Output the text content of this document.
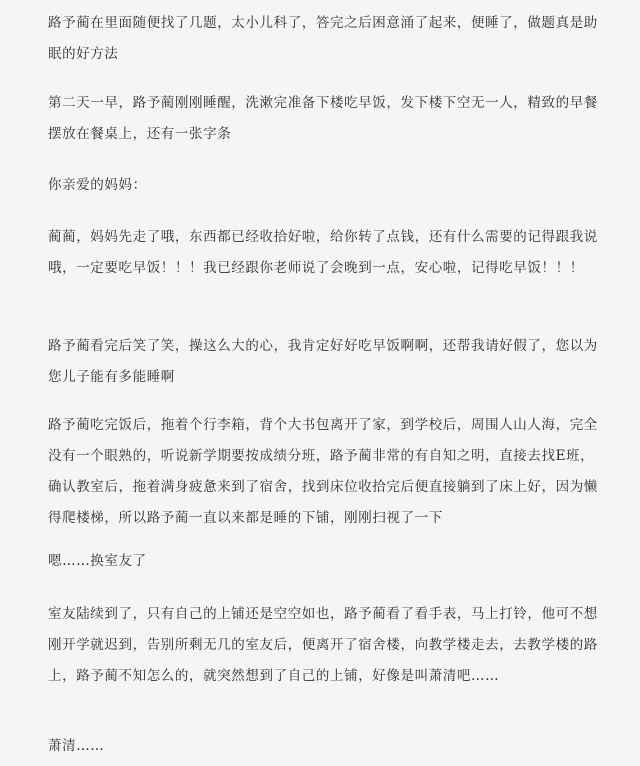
路予蔺在里面随便找了几题，太小儿科了，答完之后困意涌了起来，便睡了，做题真是助眠的好方法

第二天一早，路予蔺刚刚睡醒，洗漱完准备下楼吃早饭，发下楼下空无一人，精致的早餐摆放在餐桌上，还有一张字条

你亲爱的妈妈：

蔺蔺，妈妈先走了哦，东西都已经收拾好啦，给你转了点钱，还有什么需要的记得跟我说哦，一定要吃早饭！！！我已经跟你老师说了会晚到一点，安心啦，记得吃早饭！！！

路予蔺看完后笑了笑，操这么大的心，我肯定好好吃早饭啊啊，还帮我请好假了，您以为您儿子能有多能睡啊

路予蔺吃完饭后，拖着个行李箱，背个大书包离开了家，到学校后，周围人山人海，完全没有一个眼熟的，听说新学期要按成绩分班，路予蔺非常的有自知之明，直接去找E班，确认教室后，拖着满身疲惫来到了宿舍，找到床位收拾完后便直接躺到了床上好，因为懒得爬楼梯，所以路予蔺一直以来都是睡的下铺，刚刚扫视了一下

嗯……换室友了

室友陆续到了，只有自己的上铺还是空空如也，路予蔺看了看手表，马上打铃，他可不想刚开学就迟到，告别所剩无几的室友后，便离开了宿舍楼，向教学楼走去，去教学楼的路上，路予蔺不知怎么的，就突然想到了自己的上铺，好像是叫萧清吧……

萧清……
